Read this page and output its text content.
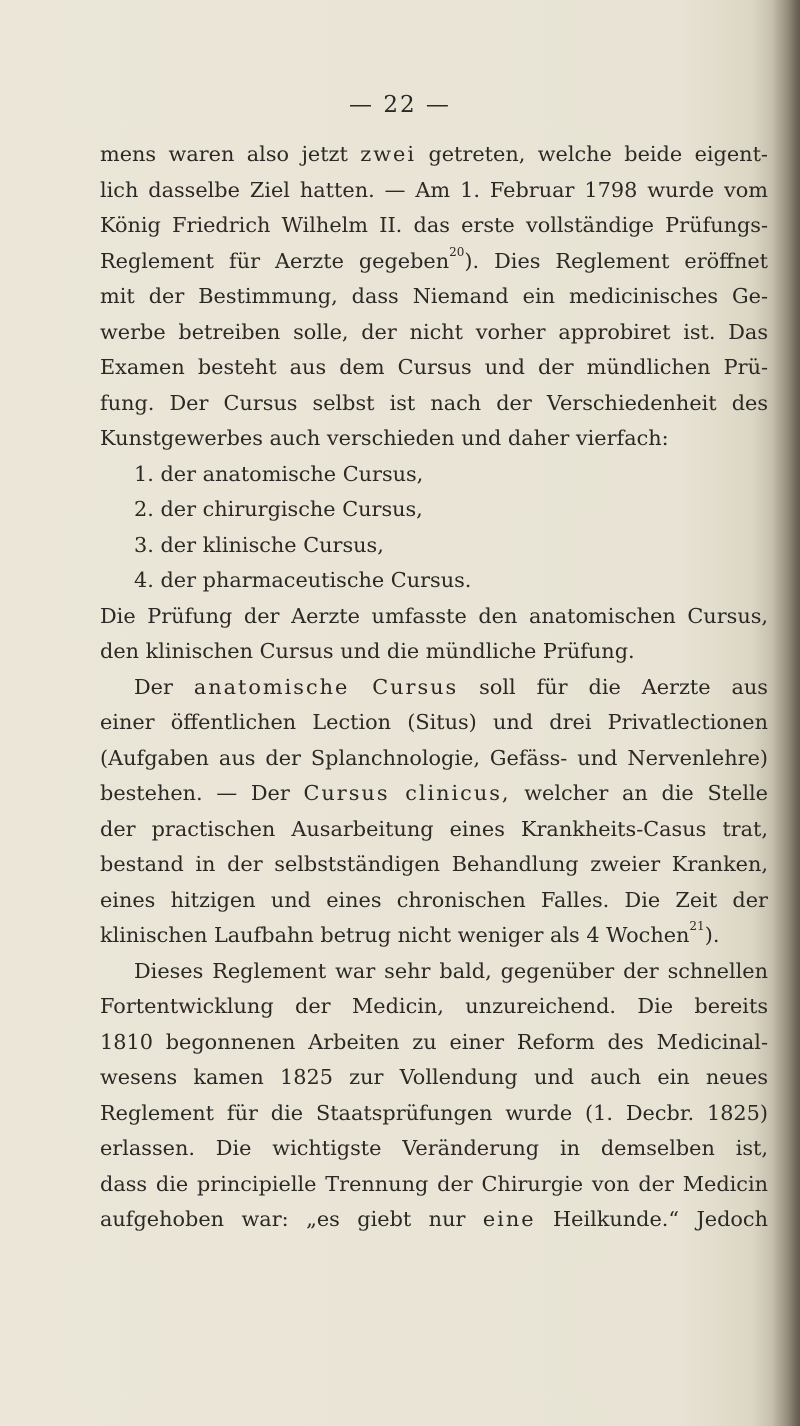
— 22 —
mens waren also jetzt zwei getreten, welche beide eigent-
lich dasselbe Ziel hatten. — Am 1. Februar 1798 wurde vom
König Friedrich Wilhelm II. das erste vollständige Prüfungs-
Reglement für Aerzte gegeben$^{20}$). Dies Reglement eröffnet
mit der Bestimmung, dass Niemand ein medicinisches Ge-
werbe betreiben solle, der nicht vorher approbiret ist. Das
Examen besteht aus dem Cursus und der mündlichen Prü-
fung. Der Cursus selbst ist nach der Verschiedenheit des
Kunstgewerbes auch verschieden und daher vierfach:
1. der anatomische Cursus,
2. der chirurgische Cursus,
3. der klinische Cursus,
4. der pharmaceutische Cursus.
Die Prüfung der Aerzte umfasste den anatomischen Cursus,
den klinischen Cursus und die mündliche Prüfung.
Der anatomische Cursus soll für die Aerzte aus
einer öffentlichen Lection (Situs) und drei Privatlectionen
(Aufgaben aus der Splanchnologie, Gefäss- und Nervenlehre)
bestehen. — Der Cursus clinicus, welcher an die Stelle
der practischen Ausarbeitung eines Krankheits-Casus trat,
bestand in der selbstständigen Behandlung zweier Kranken,
eines hitzigen und eines chronischen Falles. Die Zeit der
klinischen Laufbahn betrug nicht weniger als 4 Wochen$^{21}$).
Dieses Reglement war sehr bald, gegenüber der schnellen
Fortentwicklung der Medicin, unzureichend. Die bereits
1810 begonnenen Arbeiten zu einer Reform des Medicinal-
wesens kamen 1825 zur Vollendung und auch ein neues
Reglement für die Staatsprüfungen wurde (1. Decbr. 1825)
erlassen. Die wichtigste Veränderung in demselben ist,
dass die principielle Trennung der Chirurgie von der Medicin
aufgehoben war: „es giebt nur eine Heilkunde.“ Jedoch
